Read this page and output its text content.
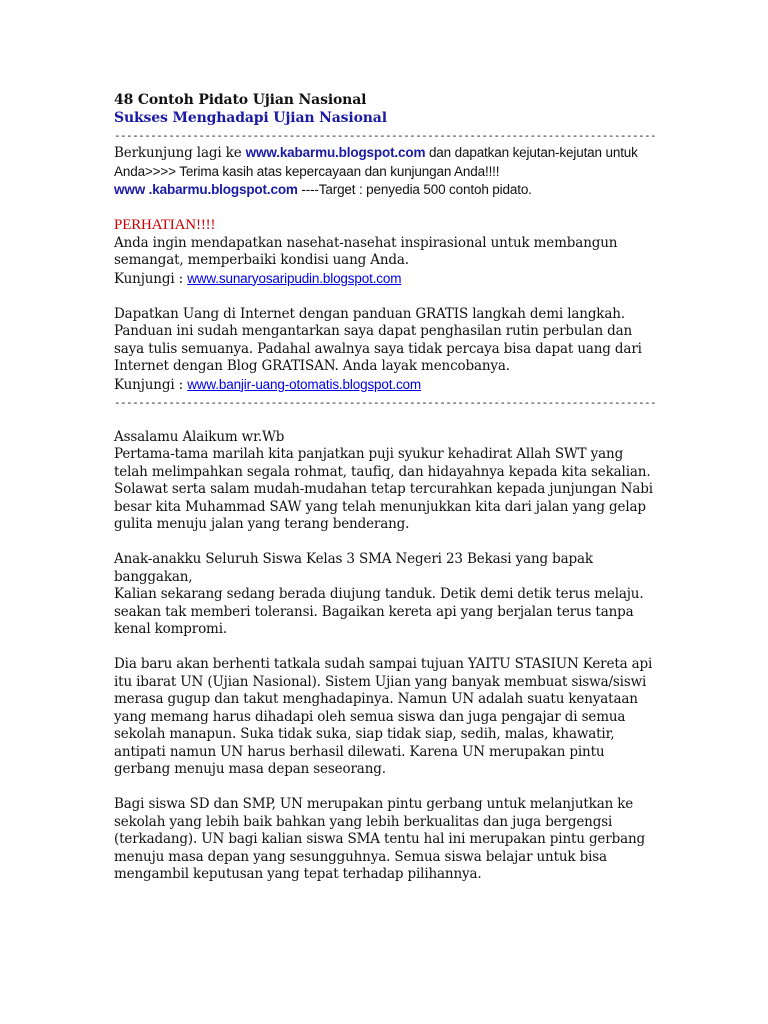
48 Contoh Pidato Ujian Nasional

Sukses Menghadapi Ujian Nasional

------------------------------------------------------------------------------------------

Berkunjung lagi ke www.kabarmu.blogspot.com dan dapatkan kejutan-kejutan untuk Anda>>>> Terima kasih atas kepercayaan dan kunjungan Anda!!!!
www .kabarmu.blogspot.com ----Target : penyedia 500 contoh pidato.

PERHATIAN!!!!

Anda ingin mendapatkan nasehat-nasehat inspirasional untuk membangun semangat, memperbaiki kondisi uang Anda.

Kunjungi : www.sunaryosaripudin.blogspot.com

Dapatkan Uang di Internet dengan panduan GRATIS langkah demi langkah. Panduan ini sudah mengantarkan saya dapat penghasilan rutin perbulan dan saya tulis semuanya. Padahal awalnya saya tidak percaya bisa dapat uang dari Internet dengan Blog GRATISAN. Anda layak mencobanya.

Kunjungi : www.banjir-uang-otomatis.blogspot.com

------------------------------------------------------------------------------------------

Assalamu Alaikum wr.Wb

Pertama-tama marilah kita panjatkan puji syukur kehadirat Allah SWT yang telah melimpahkan segala rohmat, taufiq, dan hidayahnya kepada kita sekalian. Solawat serta salam mudah-mudahan tetap tercurahkan kepada junjungan Nabi besar kita Muhammad SAW yang telah menunjukkan kita dari jalan yang gelap gulita menuju jalan yang terang benderang.

Anak-anakku Seluruh Siswa Kelas 3 SMA Negeri 23 Bekasi yang bapak banggakan,

Kalian sekarang sedang berada diujung tanduk. Detik demi detik terus melaju. seakan tak memberi toleransi. Bagaikan kereta api yang berjalan terus tanpa kenal kompromi.

Dia baru akan berhenti tatkala sudah sampai tujuan YAITU STASIUN Kereta api itu ibarat UN (Ujian Nasional). Sistem Ujian yang banyak membuat siswa/siswi merasa gugup dan takut menghadapinya. Namun UN adalah suatu kenyataan yang memang harus dihadapi oleh semua siswa dan juga pengajar di semua sekolah manapun. Suka tidak suka, siap tidak siap, sedih, malas, khawatir, antipati namun UN harus berhasil dilewati. Karena UN merupakan pintu gerbang menuju masa depan seseorang.

Bagi siswa SD dan SMP, UN merupakan pintu gerbang untuk melanjutkan ke sekolah yang lebih baik bahkan yang lebih berkualitas dan juga bergengsi (terkadang). UN bagi kalian siswa SMA tentu hal ini merupakan pintu gerbang menuju masa depan yang sesungguhnya. Semua siswa belajar untuk bisa mengambil keputusan yang tepat terhadap pilihannya.
